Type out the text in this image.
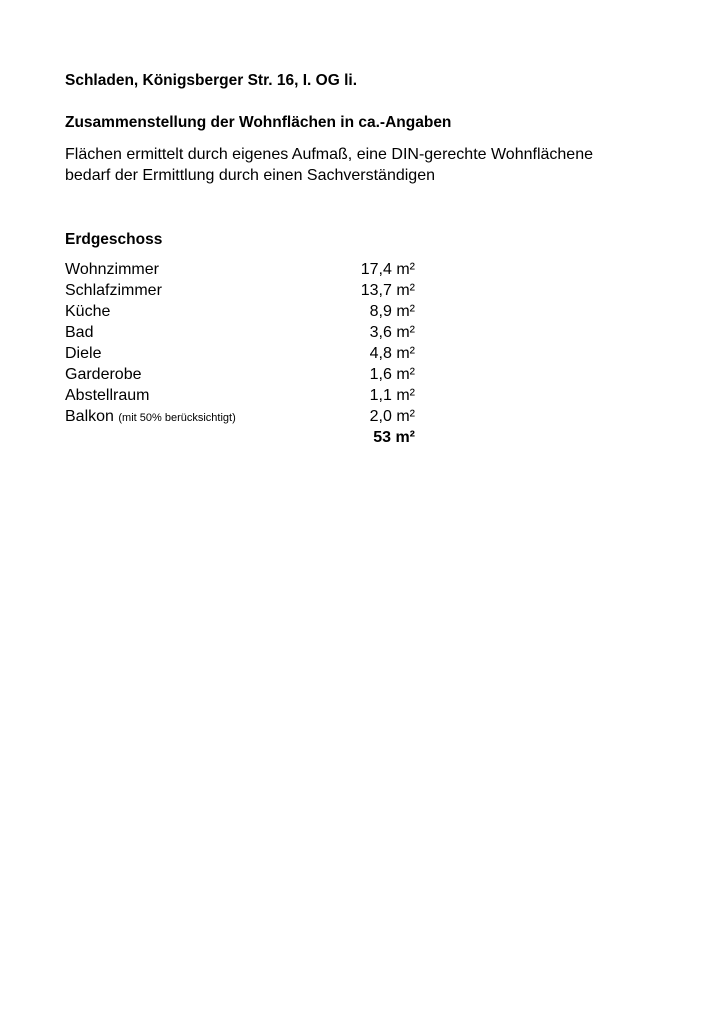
Schladen, Königsberger Str. 16, I. OG li.
Zusammenstellung der Wohnflächen in ca.-Angaben
Flächen ermittelt durch eigenes Aufmaß, eine DIN-gerechte Wohnflächene
bedarf der Ermittlung durch einen Sachverständigen
Erdgeschoss
Wohnzimmer	17,4 m²
Schlafzimmer	13,7 m²
Küche	8,9 m²
Bad	3,6 m²
Diele	4,8 m²
Garderobe	1,6 m²
Abstellraum	1,1 m²
Balkon (mit 50% berücksichtigt)	2,0 m²
53 m²
